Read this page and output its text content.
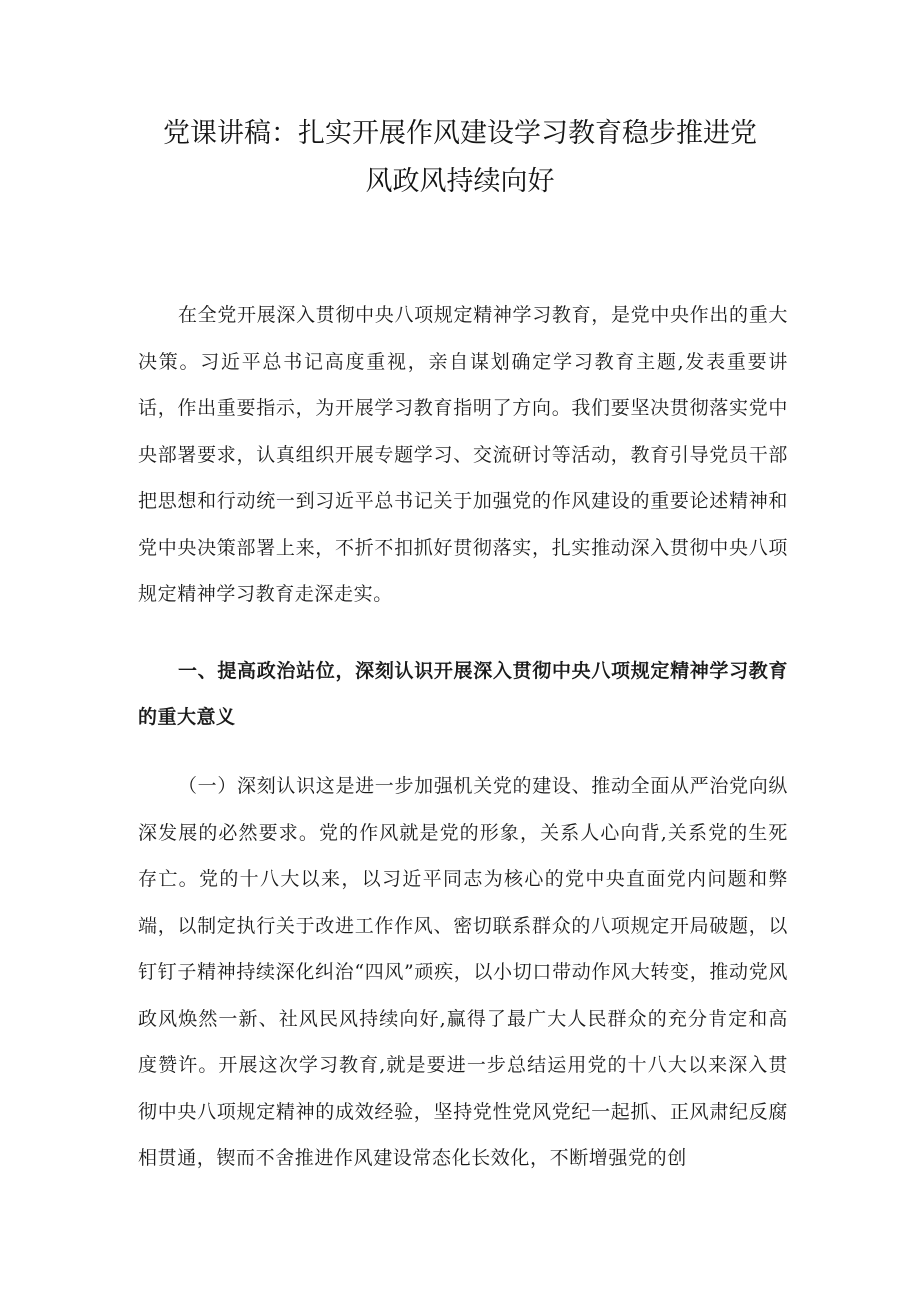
党课讲稿：扎实开展作风建设学习教育稳步推进党
风政风持续向好

在全党开展深入贯彻中央八项规定精神学习教育，是党中央作出的重大决策。习近平总书记高度重视，亲自谋划确定学习教育主题,发表重要讲话，作出重要指示，为开展学习教育指明了方向。我们要坚决贯彻落实党中央部署要求，认真组织开展专题学习、交流研讨等活动，教育引导党员干部把思想和行动统一到习近平总书记关于加强党的作风建设的重要论述精神和党中央决策部署上来，不折不扣抓好贯彻落实，扎实推动深入贯彻中央八项规定精神学习教育走深走实。

一、提高政治站位，深刻认识开展深入贯彻中央八项规定精神学习教育的重大意义

（一）深刻认识这是进一步加强机关党的建设、推动全面从严治党向纵深发展的必然要求。党的作风就是党的形象，关系人心向背,关系党的生死存亡。党的十八大以来，以习近平同志为核心的党中央直面党内问题和弊端，以制定执行关于改进工作作风、密切联系群众的八项规定开局破题，以钉钉子精神持续深化纠治“四风”顽疾，以小切口带动作风大转变，推动党风政风焕然一新、社风民风持续向好,赢得了最广大人民群众的充分肯定和高度赞许。开展这次学习教育,就是要进一步总结运用党的十八大以来深入贯彻中央八项规定精神的成效经验，坚持党性党风党纪一起抓、正风肃纪反腐相贯通，锲而不舍推进作风建设常态化长效化，不断增强党的创
